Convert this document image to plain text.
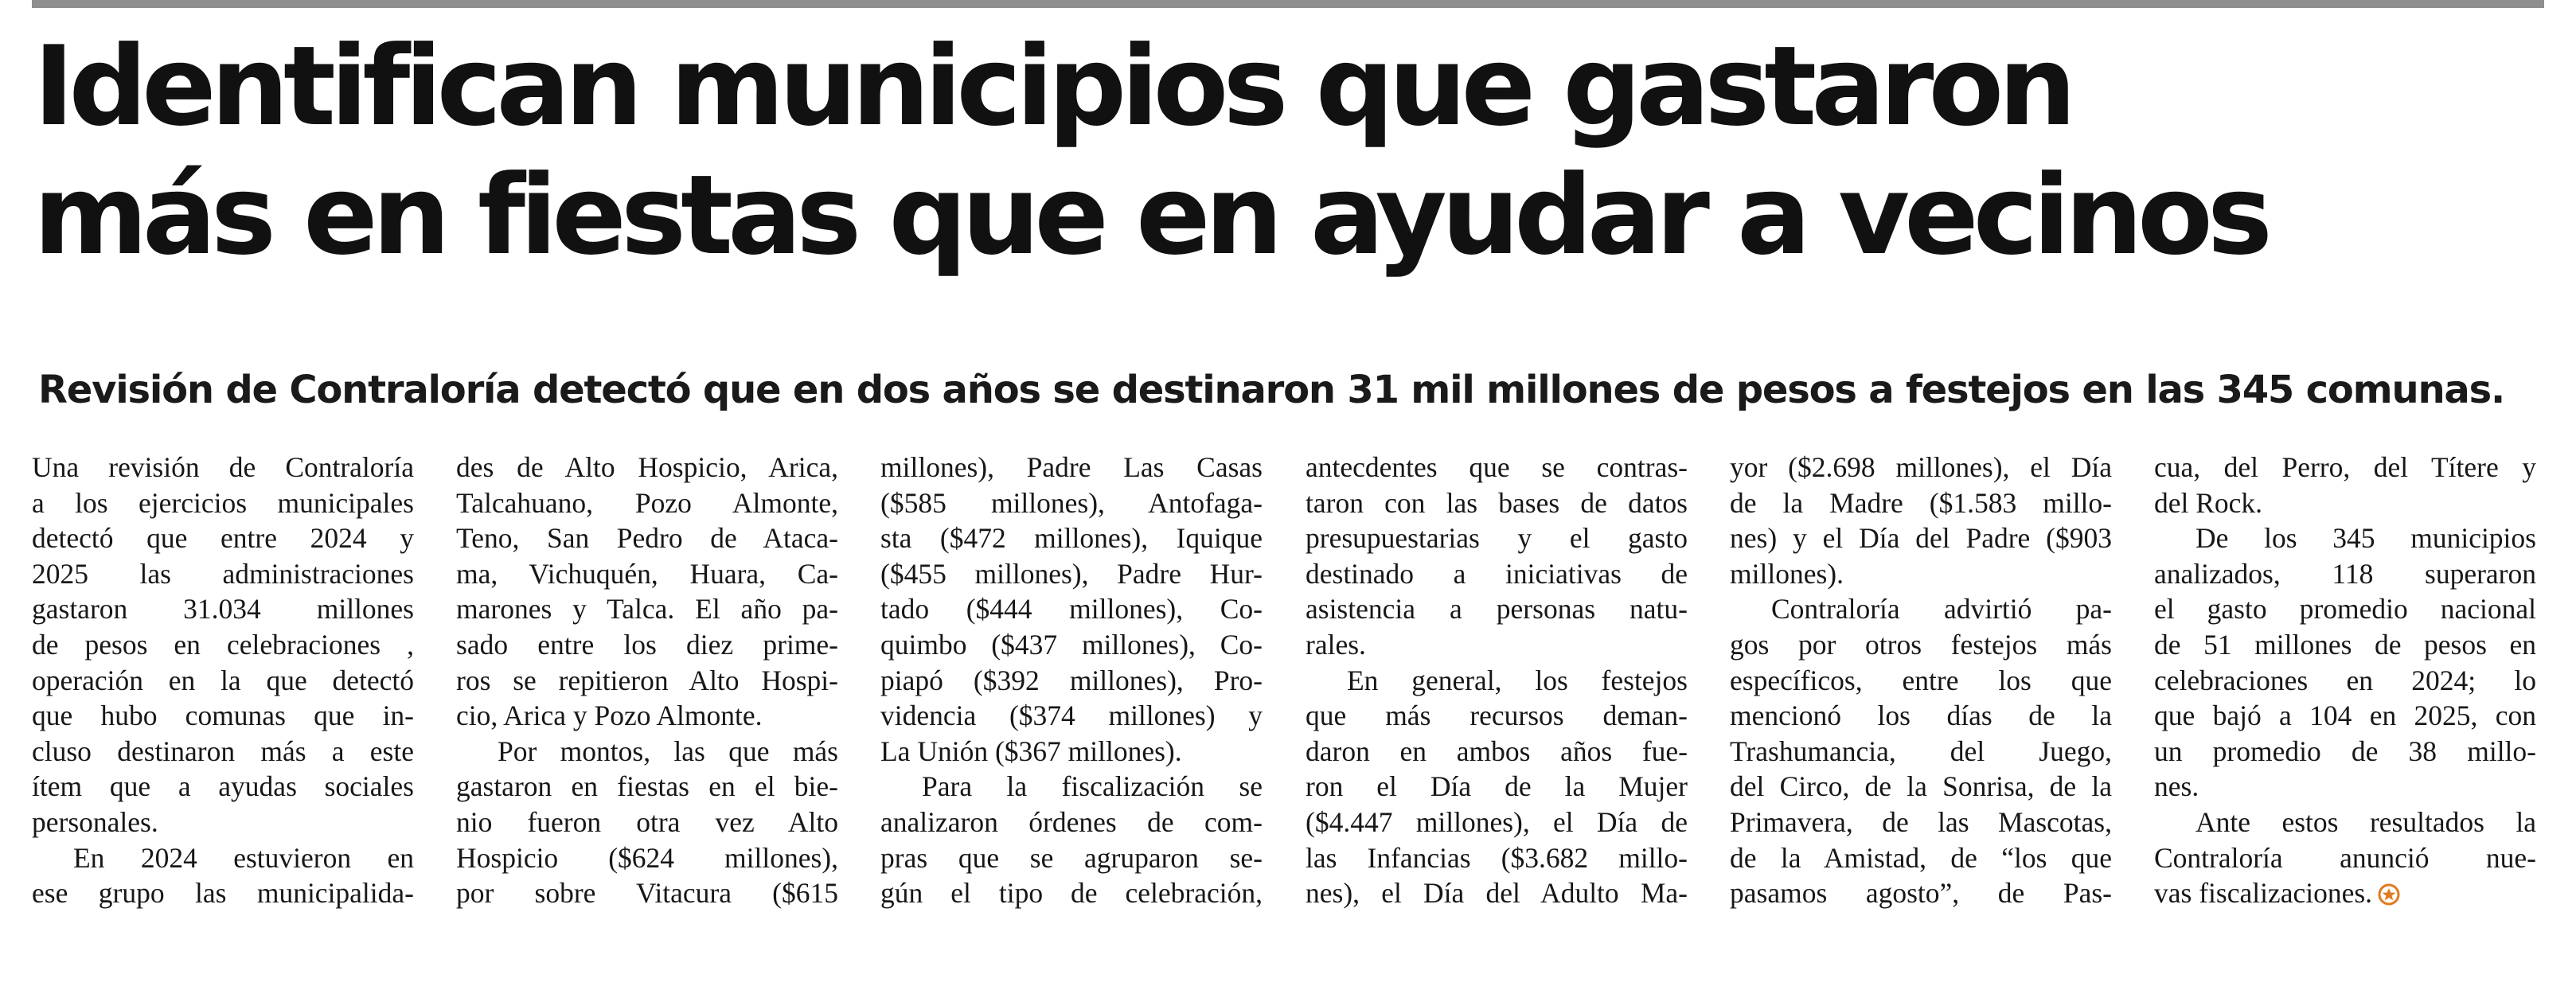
Identifican municipios que gastaron
más en fiestas que en ayudar a vecinos

Revisión de Contraloría detectó que en dos años se destinaron 31 mil millones de pesos a festejos en las 345 comunas.

Una revisión de Contraloría
a los ejercicios municipales
detectó que entre 2024 y
2025 las administraciones
gastaron 31.034 millones
de pesos en celebraciones ,
operación en la que detectó
que hubo comunas que in-
cluso destinaron más a este
ítem que a ayudas sociales
personales.
En 2024 estuvieron en
ese grupo las municipalida-
des de Alto Hospicio, Arica,
Talcahuano, Pozo Almonte,
Teno, San Pedro de Ataca-
ma, Vichuquén, Huara, Ca-
marones y Talca. El año pa-
sado entre los diez prime-
ros se repitieron Alto Hospi-
cio, Arica y Pozo Almonte.
Por montos, las que más
gastaron en fiestas en el bie-
nio fueron otra vez Alto
Hospicio ($624 millones),
por sobre Vitacura ($615
millones), Padre Las Casas
($585 millones), Antofaga-
sta ($472 millones), Iquique
($455 millones), Padre Hur-
tado ($444 millones), Co-
quimbo ($437 millones), Co-
piapó ($392 millones), Pro-
videncia ($374 millones) y
La Unión ($367 millones).
Para la fiscalización se
analizaron órdenes de com-
pras que se agruparon se-
gún el tipo de celebración,
antecdentes que se contras-
taron con las bases de datos
presupuestarias y el gasto
destinado a iniciativas de
asistencia a personas natu-
rales.
En general, los festejos
que más recursos deman-
daron en ambos años fue-
ron el Día de la Mujer
($4.447 millones), el Día de
las Infancias ($3.682 millo-
nes), el Día del Adulto Ma-
yor ($2.698 millones), el Día
de la Madre ($1.583 millo-
nes) y el Día del Padre ($903
millones).
Contraloría advirtió pa-
gos por otros festejos más
específicos, entre los que
mencionó los días de la
Trashumancia, del Juego,
del Circo, de la Sonrisa, de la
Primavera, de las Mascotas,
de la Amistad, de “los que
pasamos agosto”, de Pas-
cua, del Perro, del Títere y
del Rock.
De los 345 municipios
analizados, 118 superaron
el gasto promedio nacional
de 51 millones de pesos en
celebraciones en 2024; lo
que bajó a 104 en 2025, con
un promedio de 38 millo-
nes.
Ante estos resultados la
Contraloría anunció nue-
vas fiscalizaciones. 
